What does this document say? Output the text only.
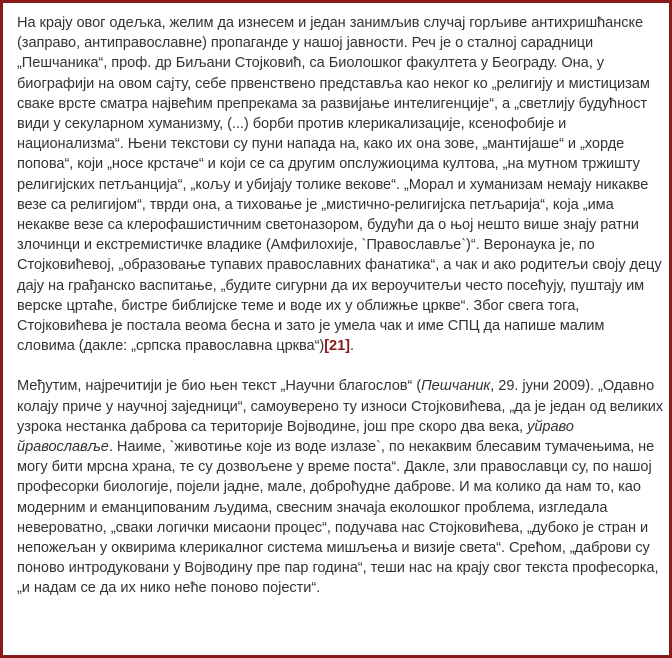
На крају овог одељка, желим да изнесем и један занимљив случај горљиве антихришћанске (заправо, антиправославне) пропаганде у нашој јавности. Реч је о сталној сарадници „Пешчаника“, проф. др Биљани Стојковић, са Биолошког факултета у Београду. Она, у биографији на овом сајту, себе првенствено представља као неког ко „религију и мистицизам сваке врсте сматра највећим препрекама за развијање интелигенције“, а „светлију будућност види у секуларном хуманизму, (...) борби против клерикализације, ксенофобије и национализма“. Њени текстови су пуни напада на, како их она зове, „мантијаше“ и „хорде попова“, који „носе крстаче“ и који се са другим опслужиоцима култова, „на мутном тржишту религијских петљанција“, „кољу и убијају толике векове“. „Морал и хуманизам немају никакве везе са религијом“, тврди она, а тиховање је „мистично-религијска петљарија“, која „има некакве везе са клерофашистичним светоназором, будући да о њој нешто више знају ратни злочинци и екстремистичке владике (Амфилохије, `Православље`)“. Веронаука је, по Стојковићевој, „образовање тупавих православних фанатика“, а чак и ако родитељи своју децу дају на грађанско васпитање, „будите сигурни да их вероучитељи често посећују, пуштају им верске цртаће, бистре библијске теме и воде их у оближње цркве“. Због свега тога, Стојковићева је постала веома бесна и зато је умела чак и име СПЦ да напише малим словима (дакле: „српска православна црква“)[21].

Међутим, најречитији је био њен текст „Научни благослов“ (Пешчаник, 29. јуни 2009). „Одавно колају приче у научној заједници“, самоуверено ту износи Стојковићева, „да је један од великих узрока нестанка даброва са територије Војводине, још пре скоро два века, уйраво йравославље. Наиме, `животиње које из воде излазе`, по некаквим блесавим тумачењима, не могу бити мрсна храна, те су дозвољене у време поста“. Дакле, зли православци су, по нашој професорки биологије, појели јадне, мале, доброћудне даброве. И ма колико да нам то, као модерним и еманципованим људима, свесним значаја еколошког проблема, изгледала невероватно, „сваки логички мисаони процес“, подучава нас Стојковићева, „дубоко је стран и непожељан у оквирима клерикалног система мишљења и визије света“. Срећом, „даброви су поново интродуковани у Војводину пре пар година“, теши нас на крају свог текста професорка, „и надам се да их нико неће поново појести“.
